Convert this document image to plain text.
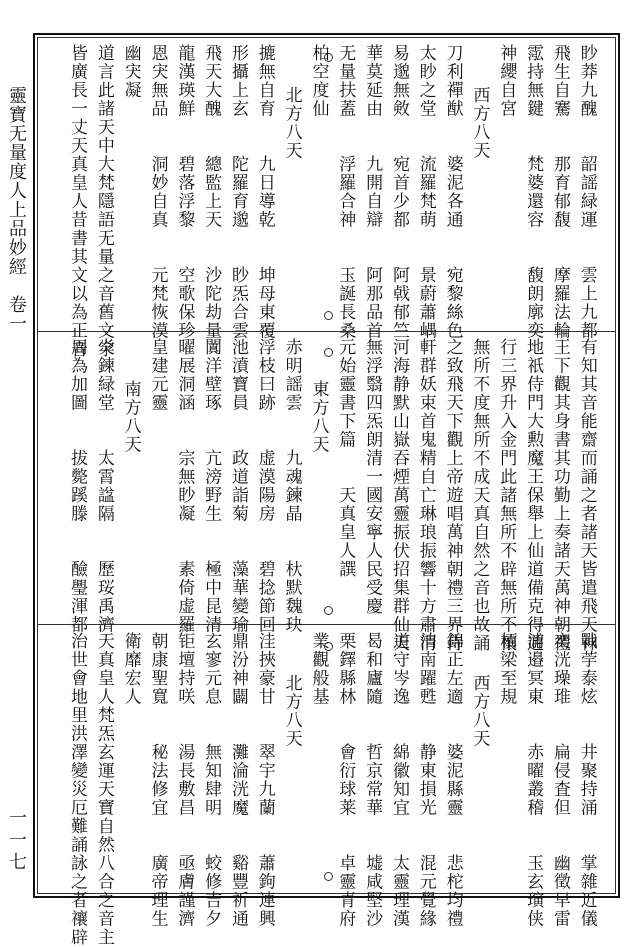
靈寶无量度人上品妙經　卷一
一一七
眇莽九醜　　韶謡緑運　　雲上九都
飛生自騫　　那育郁馥　　摩羅法輪
霐持無鍵　　梵婆還容　　馥朗廓奕
神纓自宮
西方八天
刀利禪猷　　婆泥各通　　宛黎絲色
太眇之堂　　流羅梵萌　　景蔚蕭嵎
易邈無㪘　　宛首少都　　阿㦸郁竺
華莫延由　　九開自辯　　阿那品首
无量扶蓋　　浮羅合神　　玉誕長桑
柏空度仙
北方八天
摝無自育　　九日導乾　　坤母東覆
形攝上玄　　陀羅育邈　　眇炁合雲
飛天大醜　　總監上天　　沙陀劫量
龍漢瑛鮮　　碧落浮黎　　空歌保珍
恩宊無品　　洞妙自真　　元梵恢漠
幽宊凝
道言此諸天中大梵隱語无量之音舊文字
皆廣長一丈天真皇人昔書其文以為正音
有知其音能齋而誦之者諸天皆遣飛天神
王下觀其身書其功勤上奏諸天萬神朝禮
地祇侍門大勲魔王保舉上仙道備克得遊
行三界升入金門此諸無所不辟無所不禳
無所不度無所不成天真自然之音也故誦
之致飛天下觀上帝遊唱萬神朝禮三界侍
軒群妖束首鬼精自亡琳琅振響十方肅清
河海静默山嶽吞煙萬靈振伏招集群仙天
無浮翳四炁朗清一國安寧人民受慶
元始靈書下篇　　天真皇人譔
東方八天
赤明謡雲　　九魂鍊晶　　杕默魏玦
浮枝曰跡　　虚漠陽房　　碧捻節回
池濆寶員　　政道詣菊　　藻華變瑜
闐洋壁琢　　亢滂野生　　極中昆清
曜展洞涵　　宗無眇凝　　素倚虚羅
皇建元靈
南方八天
炎鍊緑堂　　太霄諡隔　　歷珱禹濟
周為加圖　　拔斃蹊滕　　醶璺渾都
戰荢泰炫　　井聚持涌　　掌雜近儀
奕洸璪琟　　扁侵査但　　幽徵早雷
浦邉冥東　　赤曜叢稽　　玉玄璌侠
栢梁至規
西方八天
錦正左適　　婆泥縣靈　　悲柁均禮
洎南躍甦　　静東損光　　混元覺緣
道守岑逸　　綿徽知宜　　太靈理漢
曷和廬隨　　哲京常華　　墟咸堅沙
栗鐸縣林　　會衍球莱　　卓靈青府
業觀般基
北方八天
洼挾豪甘　　翠宇九蘭　　蕭鉤連興
鼎汾神闢　　灘淪洸魔　　谿豐祈通
玄寥元息　　無知肆明　　蛟修吉夕
钜壇持咲　　湯長敷昌　　亟膚謹濟
朝康聖寬　　秘法修宜　　廣帝理生
衛靡宏人
天真皇人梵炁玄運天寶自然八合之音主
治世會地里洪澤變災厄難誦詠之者禳辟
